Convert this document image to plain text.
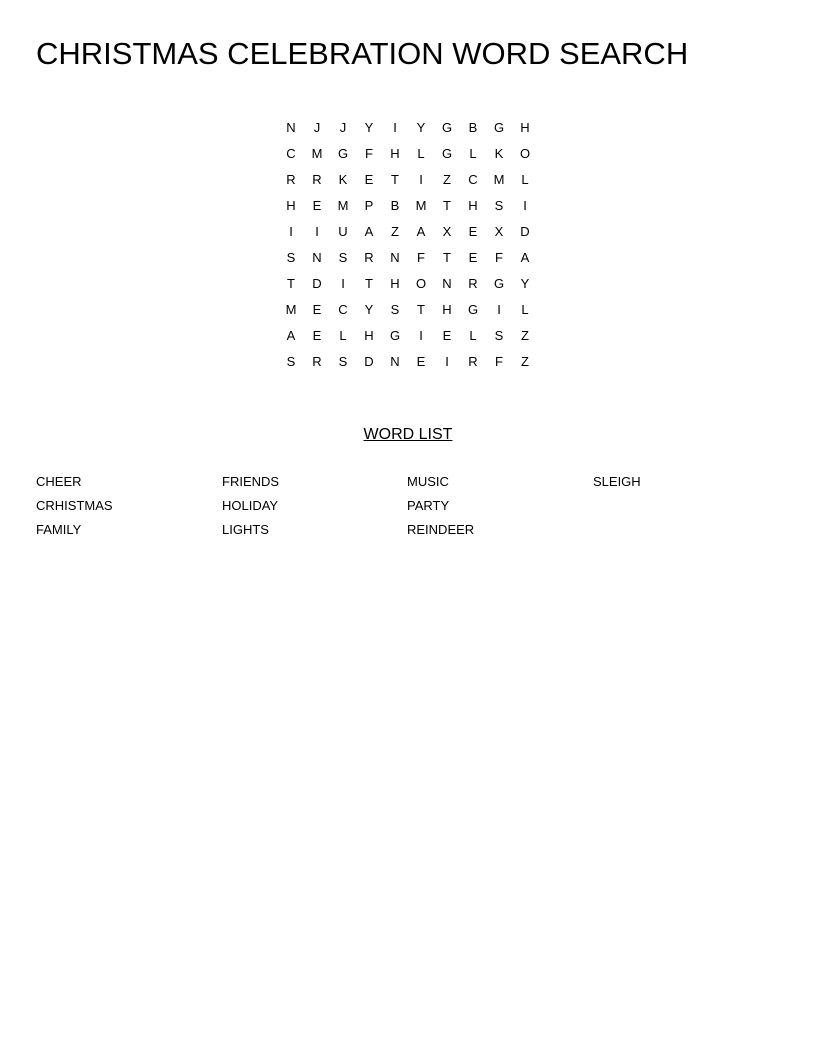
CHRISTMAS CELEBRATION WORD SEARCH
N	J	J	Y	I	Y	G	B	G	H
C	M	G	F	H	L	G	L	K	O
R	R	K	E	T	I	Z	C	M	L
H	E	M	P	B	M	T	H	S	I
I	I	U	A	Z	A	X	E	X	D
S	N	S	R	N	F	T	E	F	A
T	D	I	T	H	O	N	R	G	Y
M	E	C	Y	S	T	H	G	I	L
A	E	L	H	G	I	E	L	S	Z
S	R	S	D	N	E	I	R	F	Z
WORD LIST
CHEER
CRHISTMAS
FAMILY
FRIENDS
HOLIDAY
LIGHTS
MUSIC
PARTY
REINDEER
SLEIGH
